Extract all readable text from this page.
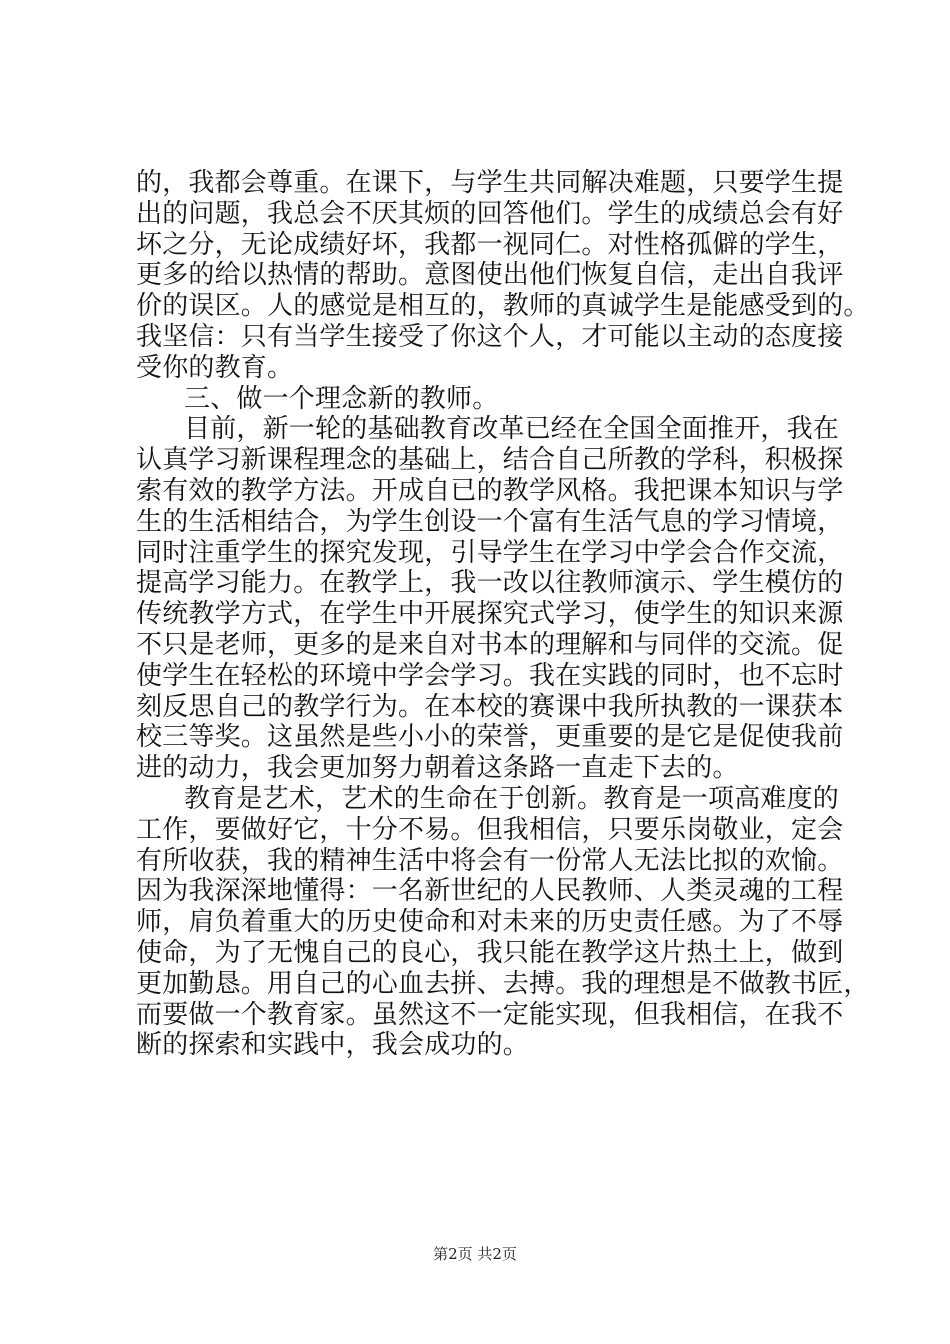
的，我都会尊重。在课下，与学生共同解决难题，只要学生提
出的问题，我总会不厌其烦的回答他们。学生的成绩总会有好
坏之分，无论成绩好坏，我都一视同仁。对性格孤僻的学生，
更多的给以热情的帮助。意图使出他们恢复自信，走出自我评
价的误区。人的感觉是相互的，教师的真诚学生是能感受到的。
我坚信：只有当学生接受了你这个人，才可能以主动的态度接
受你的教育。
三、做一个理念新的教师。
目前，新一轮的基础教育改革已经在全国全面推开，我在
认真学习新课程理念的基础上，结合自己所教的学科，积极探
索有效的教学方法。开成自已的教学风格。我把课本知识与学
生的生活相结合，为学生创设一个富有生活气息的学习情境，
同时注重学生的探究发现，引导学生在学习中学会合作交流，
提高学习能力。在教学上，我一改以往教师演示、学生模仿的
传统教学方式，在学生中开展探究式学习，使学生的知识来源
不只是老师，更多的是来自对书本的理解和与同伴的交流。促
使学生在轻松的环境中学会学习。我在实践的同时，也不忘时
刻反思自己的教学行为。在本校的赛课中我所执教的一课获本
校三等奖。这虽然是些小小的荣誉，更重要的是它是促使我前
进的动力，我会更加努力朝着这条路一直走下去的。
教育是艺术，艺术的生命在于创新。教育是一项高难度的
工作，要做好它，十分不易。但我相信，只要乐岗敬业，定会
有所收获，我的精神生活中将会有一份常人无法比拟的欢愉。
因为我深深地懂得：一名新世纪的人民教师、人类灵魂的工程
师，肩负着重大的历史使命和对未来的历史责任感。为了不辱
使命，为了无愧自己的良心，我只能在教学这片热土上，做到
更加勤恳。用自己的心血去拼、去搏。我的理想是不做教书匠，
而要做一个教育家。虽然这不一定能实现，但我相信，在我不
断的探索和实践中，我会成功的。
第2页 共2页
